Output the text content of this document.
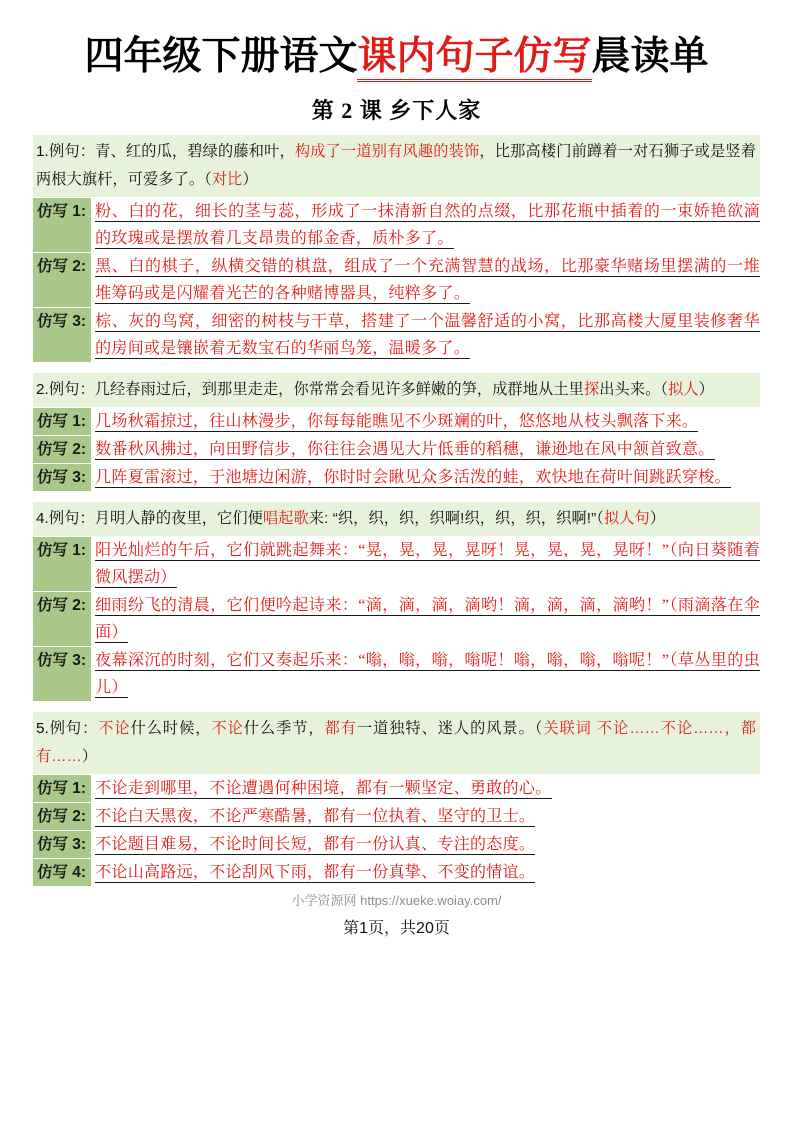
四年级下册语文课内句子仿写晨读单
第 2 课 乡下人家
1.例句：青、红的瓜，碧绿的藤和叶，构成了一道别有风趣的装饰，比那高楼门前蹲着一对石狮子或是竖着两根大旗杆，可爱多了。（对比）
仿写 1: 粉、白的花，细长的茎与蕊，形成了一抹清新自然的点缀，比那花瓶中插着的一束娇艳欲滴的玫瑰或是摆放着几支昂贵的郁金香，质朴多了。
仿写 2: 黑、白的棋子，纵横交错的棋盘，组成了一个充满智慧的战场，比那豪华赌场里摆满的一堆堆筹码或是闪耀着光芒的各种赌博器具，纯粹多了。
仿写 3: 棕、灰的鸟窝，细密的树枝与干草，搭建了一个温馨舒适的小窝，比那高楼大厦里装修奢华的房间或是镶嵌着无数宝石的华丽鸟笼，温暖多了。
2.例句：几经春雨过后，到那里走走，你常常会看见许多鲜嫩的笋，成群地从土里探出头来。（拟人）
仿写 1: 几场秋霜掠过，往山林漫步，你每每能瞧见不少斑斓的叶，悠悠地从枝头飘落下来。
仿写 2: 数番秋风拂过，向田野信步，你往往会遇见大片低垂的稻穗，谦逊地在风中颔首致意。
仿写 3: 几阵夏雷滚过，于池塘边闲游，你时时会瞅见众多活泼的蛙，欢快地在荷叶间跳跃穿梭。
4.例句：月明人静的夜里，它们便唱起歌来: “织，织，织，织啊!织，织，织，织啊!”（拟人句）
仿写 1: 阳光灿烂的午后，它们就跳起舞来：“晃，晃，晃，晃呀！晃，晃，晃，晃呀！”（向日葵随着微风摆动）
仿写 2: 细雨纷飞的清晨，它们便吟起诗来：“滴，滴，滴，滴哟！滴，滴，滴，滴哟！”（雨滴落在伞面）
仿写 3: 夜幕深沉的时刻，它们又奏起乐来：“嗡，嗡，嗡，嗡呢！嗡，嗡，嗡，嗡呢！”（草丛里的虫儿）
5.例句：不论什么时候，不论什么季节，都有一道独特、迷人的风景。（关联词 不论……不论……，都有……）
仿写 1: 不论走到哪里，不论遭遇何种困境，都有一颗坚定、勇敢的心。
仿写 2: 不论白天黑夜，不论严寒酷暑，都有一位执着、坚守的卫士。
仿写 3: 不论题目难易，不论时间长短，都有一份认真、专注的态度。
仿写 4: 不论山高路远，不论刮风下雨，都有一份真挚、不变的情谊。
小学资源网 https://xueke.woiay.com/
第1页，共20页
